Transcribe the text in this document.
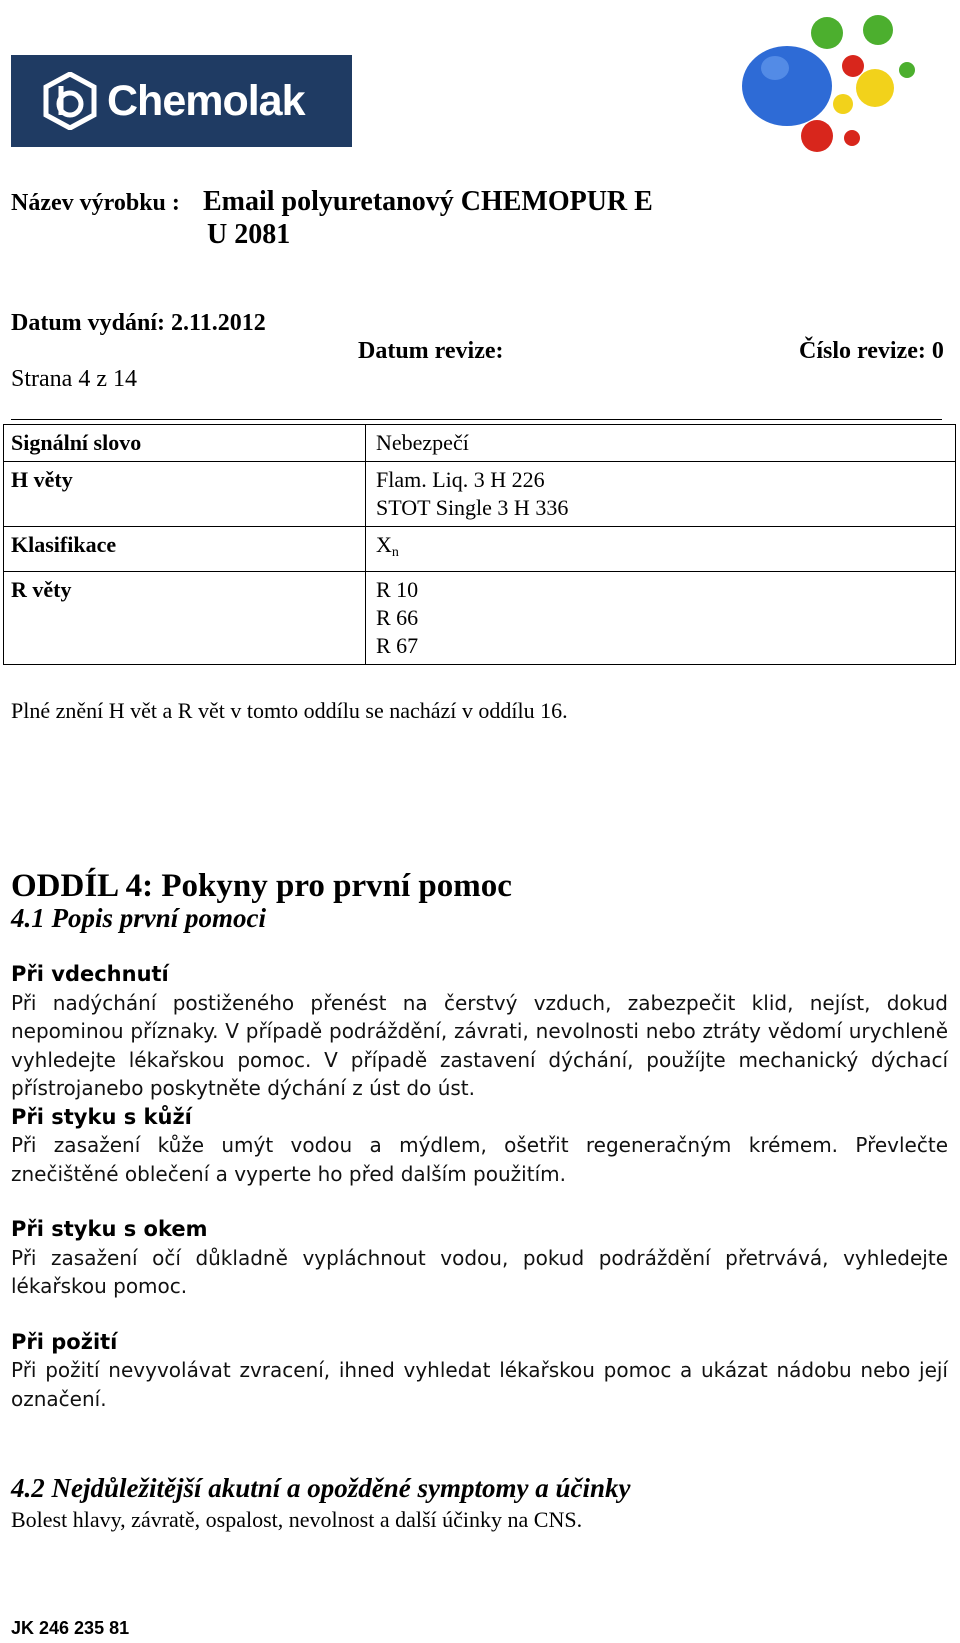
Chemolak
Název výrobku : Email polyuretanový CHEMOPUR E
U 2081
Datum vydání: 2.11.2012
Datum revize:	Číslo revize: 0
Strana 4 z 14
Signální slovo	Nebezpečí
H věty	Flam. Liq. 3 H 226
STOT Single 3 H 336

Klasifikace	$X_n$
R věty	R 10
R 66
R 67
Plné znění H vět a R vět v tomto oddílu se nachází v oddílu 16.
ODDÍL 4: Pokyny pro první pomoc
4.1 Popis první pomoci
Při vdechnutí
Při nadýchání postiženého přenést na čerstvý vzduch, zabezpečit klid, nejíst, dokud nepominou příznaky. V případě podráždění, závrati, nevolnosti nebo ztráty vědomí urychleně vyhledejte lékařskou pomoc. V případě zastavení dýchání, použíjte mechanický dýchací přístrojanebo poskytněte dýchání z úst do úst.
Při styku s kůží
Při zasažení kůže umýt vodou a mýdlem, ošetřit regeneračným krémem. Převlečte znečištěné oblečení a vyperte ho před dalším použitím.
Při styku s okem
Při zasažení očí důkladně vypláchnout vodou, pokud podráždění přetrvává, vyhledejte lékařskou pomoc.
Při požití
Při požití nevyvolávat zvracení, ihned vyhledat lékařskou pomoc a ukázat nádobu nebo její označení.
4.2 Nejdůležitější akutní a opožděné symptomy a účinky
Bolest hlavy, závratě, ospalost, nevolnost a další účinky na CNS.
JK 246 235 81
